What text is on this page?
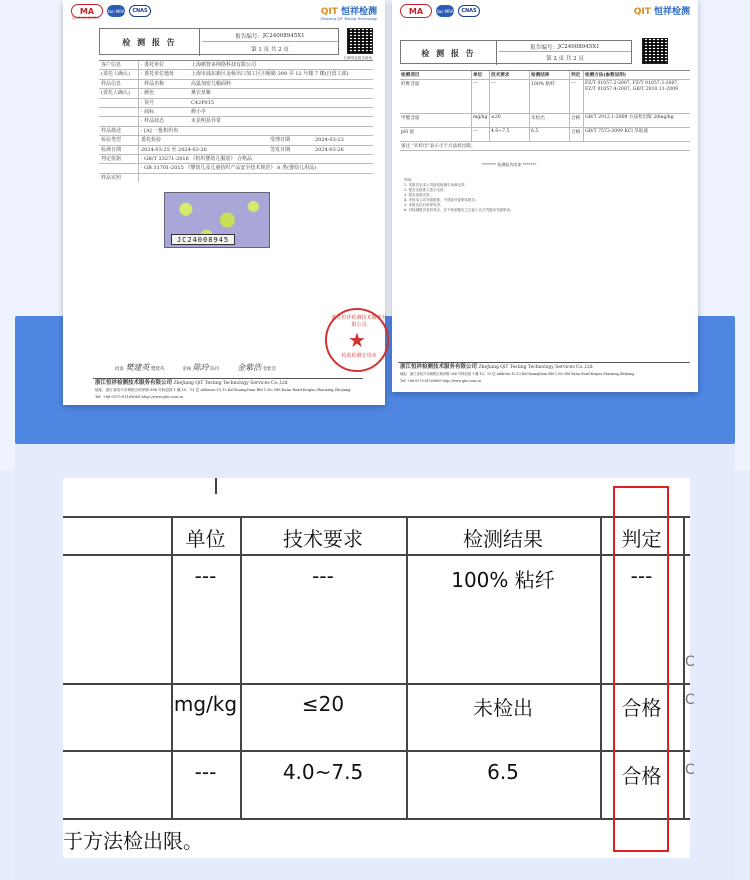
MA	ilac-MRA	CNAS
221111111326
QIT 恒祥检测
Zhejiang QIT Testing Technology
检 测 报 告	报告编号： JC24008945X1
第 1 页 共 2 页
扫码验证报告真伪
客户信息	· 委托单位	上海颜智多网络科技有限公司
(委托人确认)	· 委托单位地址	上海市浦东新区金桥出口加工区川桥路 399 弄 12 号楼 7 楼(自贸工部)
样品信息	· 样品名称	高粱加密儿帽面料
(委托人确认)	· 颜色	薰衣草紫
· 货号	C42P015
· 商标	颜小羊
· 样品状态	未见明显异常
样品描述	· [A] 一批机织布
检验类型	委托检验	受理日期	2024-03-23
检测日期	2024-03-25 至 2024-03-26	签发日期	2024-03-26
判定依据	· GB/T 33271-2016 《机织婴幼儿服装》 合格品
· GB 31701-2015 《婴幼儿及儿童纺织产品安全技术规范》 A 类(婴幼儿用品)
样品实照
JC24008945
浙江恒祥检测技术服务有限公司
★
检验检测专用章
批准 樊建英 樊建英	审核 陈玲 陈玲 金紫浩 金紫浩
浙江恒祥检测技术服务有限公司 ZheJiang QiT Testing Technology Services Co.,Ltd
地址：浙江省绍兴市柯桥区柯岸路 586 号科创园 1 幢 10、13 层 Address:10,13 KeChuangYuan Bld 1,No 586 KeAn Road,Keqiao,Shaoxing,Zhejiang
Tel: +86-0575-81169669 http://www.qits.com.cn
MA	ilac-MRA	CNAS	QIT 恒祥检测
检 测 报 告	报告编号： JC24008945X1
第 2 页 共 2 页
检测项目	单位	技术要求	检测结果	判定	检测方法(参数说明)
纤维含量	---	---	100% 粘纤	---	FZ/T 01057.2-2007, FZ/T 01057.3-2007, FZ/T 01057.4-2007, GB/T 2910.11-2009
甲醛含量	mg/kg ≤20	未检出	合格	GB/T 2912.1-2009 方法检出限 20mg/kg
pH 值	---	4.0~7.5	6.5	合格	GB/T 7573-2009 KCl 萃取液
备注 "未检出"表示小于方法检出限。
******* 检测报告结束 *******
声明：
1. 本报告无本公司检验检测专用章无效；
2. 报告无批准人签字无效；
3. 报告涂改无效；
4. 未经本公司书面批准，不得部分复制本报告；
5. 本报告仅对来样负责；
6. 对检测报告若有异议，应于收到报告之日起十五日内提出书面申诉。
浙江恒祥检测技术服务有限公司 ZheJiang QiT Testing Technology Services Co.,Ltd
地址：浙江省绍兴市柯桥区柯岸路 586 号科创园 1 幢 10、13 层 Address:10,13 KeChuangYuan Bld 1,No 586 KeAn Road,Keqiao,Shaoxing,Zhejiang
Tel: +86-0575-81169669 http://www.qits.com.cn
单位	技术要求	检测结果	判定
---	---	100% 粘纤	---
mg/kg	≤20	未检出	合格
---	4.0~7.5	6.5	合格
C
C
C
于方法检出限。
